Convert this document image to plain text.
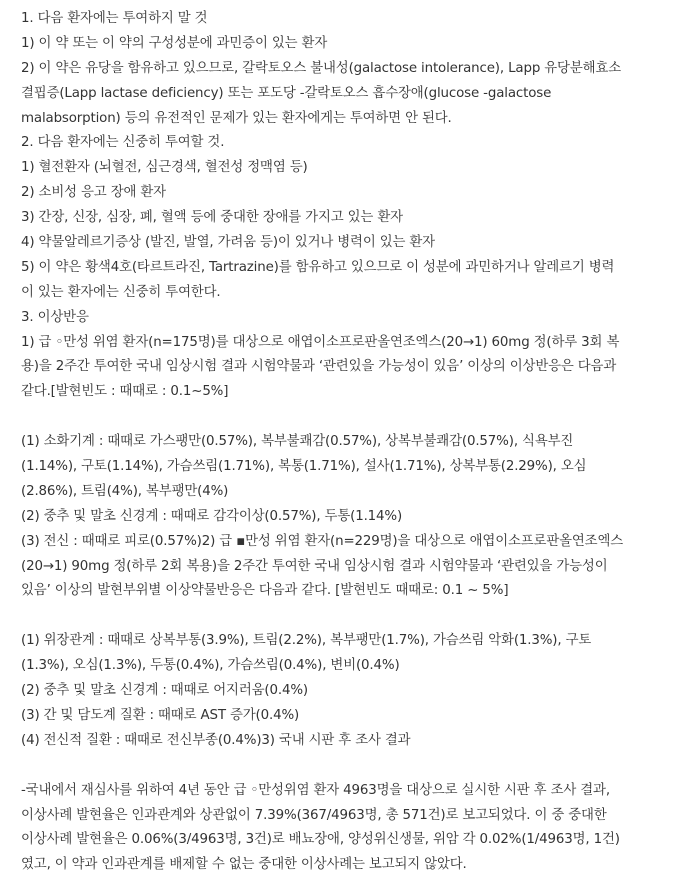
1. 다음 환자에는 투여하지 말 것
1) 이 약 또는 이 약의 구성성분에 과민증이 있는 환자
2) 이 약은 유당을 함유하고 있으므로, 갈락토오스 불내성(galactose intolerance), Lapp 유당분해효소
결핍증(Lapp lactase deficiency) 또는 포도당 -갈락토오스 흡수장애(glucose -galactose
malabsorption) 등의 유전적인 문제가 있는 환자에게는 투여하면 안 된다.
2. 다음 환자에는 신중히 투여할 것.
1) 혈전환자 (뇌혈전, 심근경색, 혈전성 정맥염 등)
2) 소비성 응고 장애 환자
3) 간장, 신장, 심장, 폐, 혈액 등에 중대한 장애를 가지고 있는 환자
4) 약물알레르기증상 (발진, 발열, 가려움 등)이 있거나 병력이 있는 환자
5) 이 약은 황색4호(타르트라진, Tartrazine)를 함유하고 있으므로 이 성분에 과민하거나 알레르기 병력
이 있는 환자에는 신중히 투여한다.
3. 이상반응
1) 급 ◦만성 위염 환자(n=175명)를 대상으로 애엽이소프로판올연조엑스(20→1) 60mg 정(하루 3회 복
용)을 2주간 투여한 국내 임상시험 결과 시험약물과 ‘관련있을 가능성이 있음’ 이상의 이상반응은 다음과
같다.[발현빈도 : 때때로 : 0.1~5%]
(1) 소화기계 : 때때로 가스팽만(0.57%), 복부불쾌감(0.57%), 상복부불쾌감(0.57%), 식욕부진
(1.14%), 구토(1.14%), 가슴쓰림(1.71%), 복통(1.71%), 설사(1.71%), 상복부통(2.29%), 오심
(2.86%), 트림(4%), 복부팽만(4%)
(2) 중추 및 말초 신경계 : 때때로 감각이상(0.57%), 두통(1.14%)
(3) 전신 : 때때로 피로(0.57%)2) 급 ▪만성 위염 환자(n=229명)을 대상으로 애엽이소프로판올연조엑스
(20→1) 90mg 정(하루 2회 복용)을 2주간 투여한 국내 임상시험 결과 시험약물과 ‘관련있을 가능성이
있음’ 이상의 발현부위별 이상약물반응은 다음과 같다. [발현빈도 때때로: 0.1 ~ 5%]
(1) 위장관계 : 때때로 상복부통(3.9%), 트림(2.2%), 복부팽만(1.7%), 가슴쓰림 악화(1.3%), 구토
(1.3%), 오심(1.3%), 두통(0.4%), 가슴쓰림(0.4%), 변비(0.4%)
(2) 중추 및 말초 신경계 : 때때로 어지러움(0.4%)
(3) 간 및 담도계 질환 : 때때로 AST 증가(0.4%)
(4) 전신적 질환 : 때때로 전신부종(0.4%)3) 국내 시판 후 조사 결과
-국내에서 재심사를 위하여 4년 동안 급 ◦만성위염 환자 4963명을 대상으로 실시한 시판 후 조사 결과,
이상사례 발현율은 인과관계와 상관없이 7.39%(367/4963명, 총 571건)로 보고되었다. 이 중 중대한
이상사례 발현율은 0.06%(3/4963명, 3건)로 배뇨장애, 양성위신생물, 위암 각 0.02%(1/4963명, 1건)
였고, 이 약과 인과관계를 배제할 수 없는 중대한 이상사례는 보고되지 않았다.
